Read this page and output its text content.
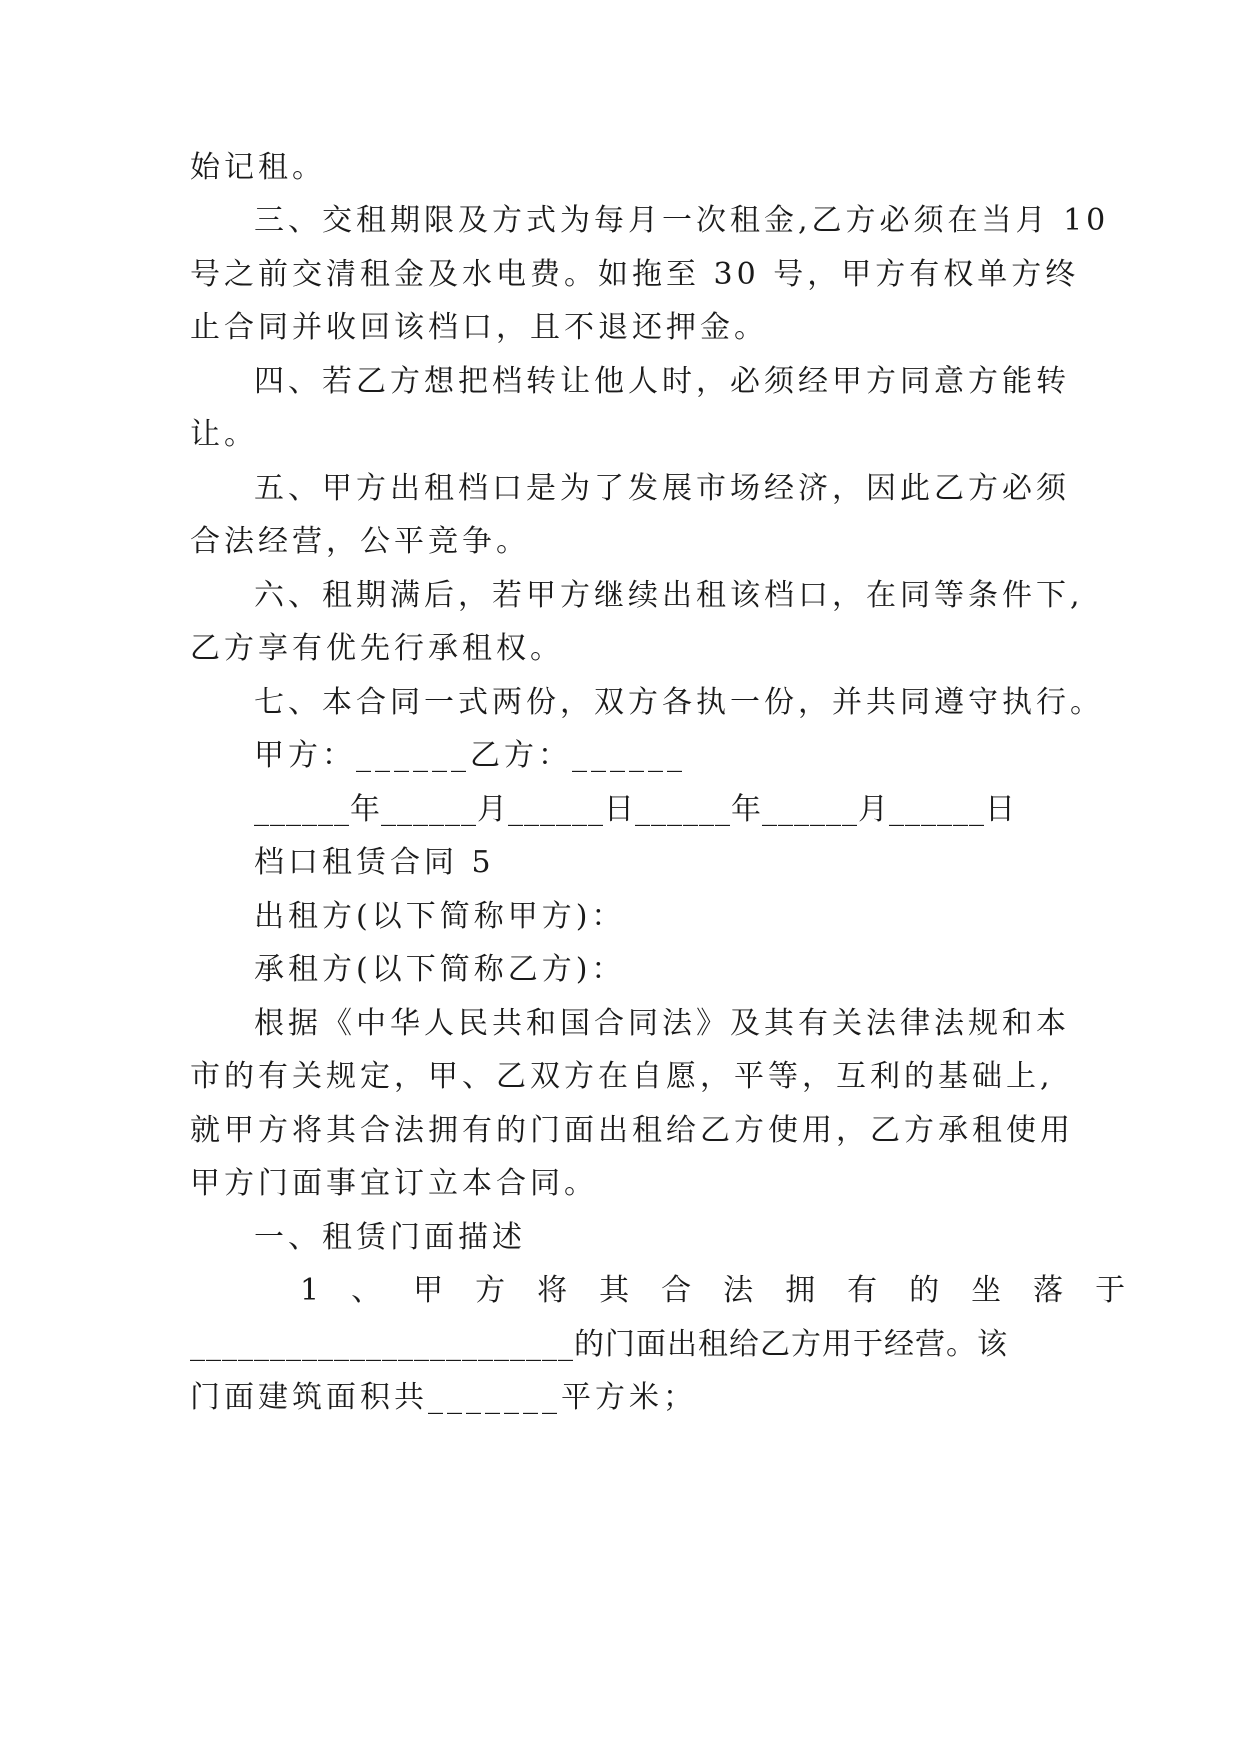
始记租。
三、交租期限及方式为每月一次租金,乙方必须在当月 10
号之前交清租金及水电费。如拖至 30 号，甲方有权单方终
止合同并收回该档口，且不退还押金。
四、若乙方想把档转让他人时，必须经甲方同意方能转
让。
五、甲方出租档口是为了发展市场经济，因此乙方必须
合法经营，公平竞争。
六、租期满后，若甲方继续出租该档口，在同等条件下,
乙方享有优先行承租权。
七、本合同一式两份，双方各执一份，并共同遵守执行。
甲方：______乙方：______
______年______月______日______年______月______日
档口租赁合同 5
出租方(以下简称甲方)：
承租方(以下简称乙方)：
根据《中华人民共和国合同法》及其有关法律法规和本
市的有关规定，甲、乙双方在自愿，平等，互利的基础上,
就甲方将其合法拥有的门面出租给乙方使用，乙方承租使用
甲方门面事宜订立本合同。
一、租赁门面描述
1、甲方将其合法拥有的坐落于
________________________的门面出租给乙方用于经营。该
门面建筑面积共_______平方米；
